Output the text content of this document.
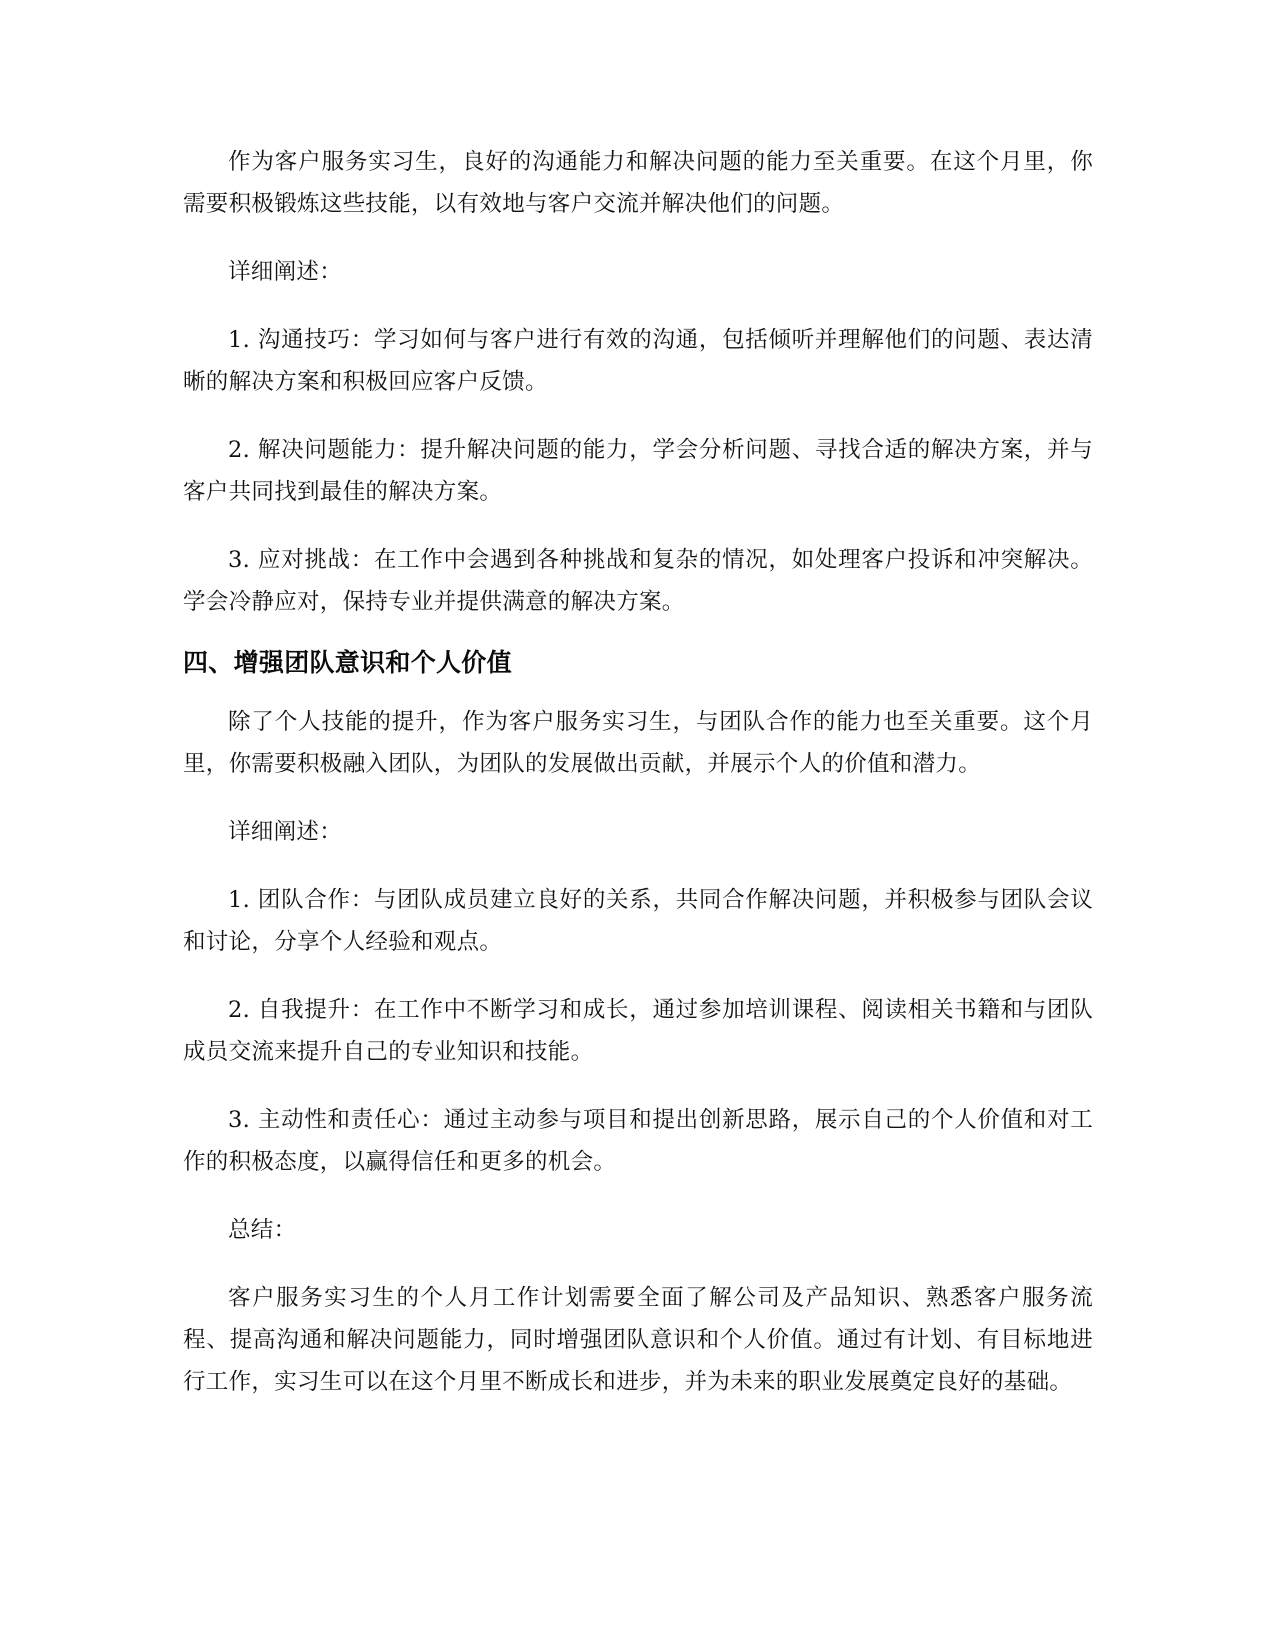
作为客户服务实习生，良好的沟通能力和解决问题的能力至关重要。在这个月里，你需要积极锻炼这些技能，以有效地与客户交流并解决他们的问题。

详细阐述：

1. 沟通技巧：学习如何与客户进行有效的沟通，包括倾听并理解他们的问题、表达清晰的解决方案和积极回应客户反馈。

2. 解决问题能力：提升解决问题的能力，学会分析问题、寻找合适的解决方案，并与客户共同找到最佳的解决方案。

3. 应对挑战：在工作中会遇到各种挑战和复杂的情况，如处理客户投诉和冲突解决。学会冷静应对，保持专业并提供满意的解决方案。

四、增强团队意识和个人价值

除了个人技能的提升，作为客户服务实习生，与团队合作的能力也至关重要。这个月里，你需要积极融入团队，为团队的发展做出贡献，并展示个人的价值和潜力。

详细阐述：

1. 团队合作：与团队成员建立良好的关系，共同合作解决问题，并积极参与团队会议和讨论，分享个人经验和观点。

2. 自我提升：在工作中不断学习和成长，通过参加培训课程、阅读相关书籍和与团队成员交流来提升自己的专业知识和技能。

3. 主动性和责任心：通过主动参与项目和提出创新思路，展示自己的个人价值和对工作的积极态度，以赢得信任和更多的机会。

总结：

客户服务实习生的个人月工作计划需要全面了解公司及产品知识、熟悉客户服务流程、提高沟通和解决问题能力，同时增强团队意识和个人价值。通过有计划、有目标地进行工作，实习生可以在这个月里不断成长和进步，并为未来的职业发展奠定良好的基础。
